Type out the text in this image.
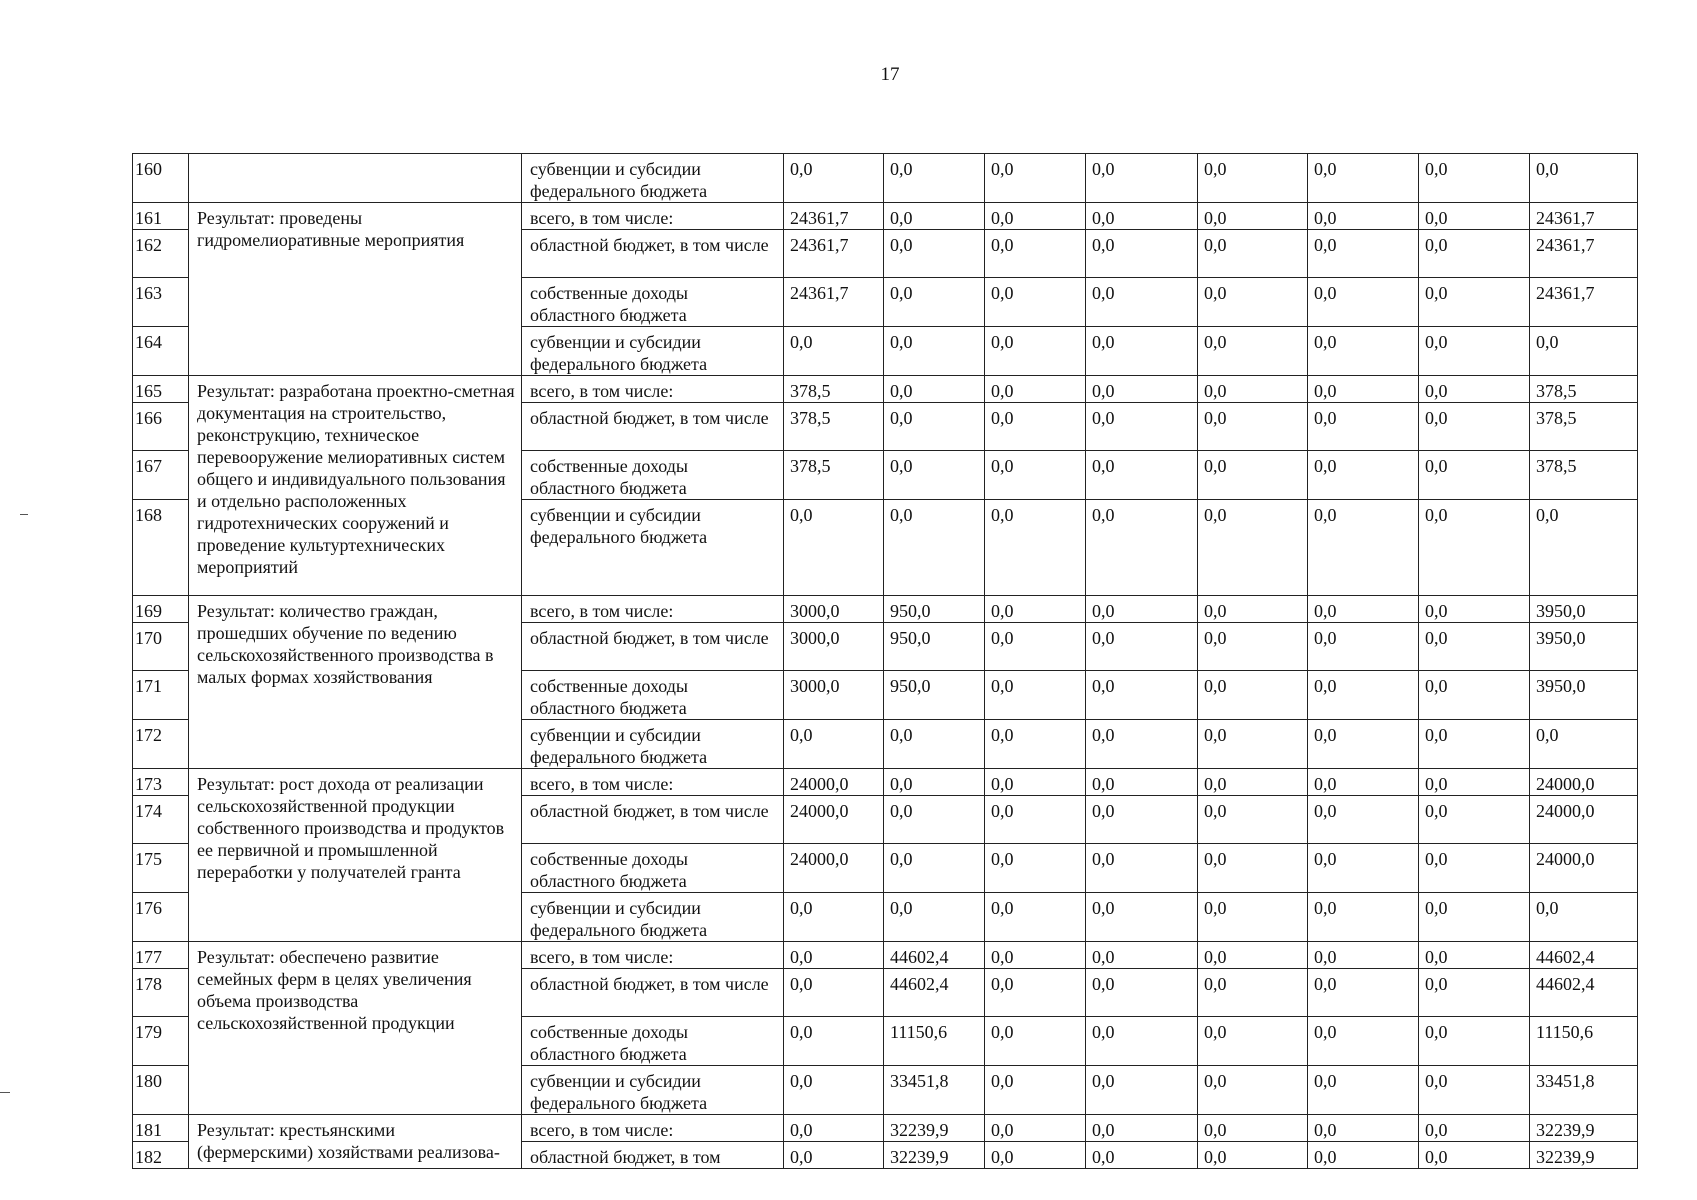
17
160		субвенции и субсидии федерального бюджета	0,0	0,0	0,0	0,0	0,0	0,0	0,0	0,0
161	Результат: проведены гидромелиоративные мероприятия	всего, в том числе:	24361,7	0,0	0,0	0,0	0,0	0,0	0,0	24361,7
162		областной бюджет, в том числе	24361,7	0,0	0,0	0,0	0,0	0,0	0,0	24361,7
163		собственные доходы областного бюджета	24361,7	0,0	0,0	0,0	0,0	0,0	0,0	24361,7
164		субвенции и субсидии федерального бюджета	0,0	0,0	0,0	0,0	0,0	0,0	0,0	0,0
165	Результат: разработана проектно-сметная документация на строительство, реконструкцию, техническое перевооружение мелиоративных систем общего и индивидуального пользования и отдельно расположенных гидротехнических сооружений и проведение культуртехнических мероприятий	всего, в том числе:	378,5	0,0	0,0	0,0	0,0	0,0	0,0	378,5
166		областной бюджет, в том числе	378,5	0,0	0,0	0,0	0,0	0,0	0,0	378,5
167		собственные доходы областного бюджета	378,5	0,0	0,0	0,0	0,0	0,0	0,0	378,5
168		субвенции и субсидии федерального бюджета	0,0	0,0	0,0	0,0	0,0	0,0	0,0	0,0
169	Результат: количество граждан, прошедших обучение по ведению сельскохозяйственного производства в малых формах хозяйствования	всего, в том числе:	3000,0	950,0	0,0	0,0	0,0	0,0	0,0	3950,0
170		областной бюджет, в том числе	3000,0	950,0	0,0	0,0	0,0	0,0	0,0	3950,0
171		собственные доходы областного бюджета	3000,0	950,0	0,0	0,0	0,0	0,0	0,0	3950,0
172		субвенции и субсидии федерального бюджета	0,0	0,0	0,0	0,0	0,0	0,0	0,0	0,0
173	Результат: рост дохода от реализации сельскохозяйственной продукции собственного производства и продуктов ее первичной и промышленной переработки у получателей гранта	всего, в том числе:	24000,0	0,0	0,0	0,0	0,0	0,0	0,0	24000,0
174		областной бюджет, в том числе	24000,0	0,0	0,0	0,0	0,0	0,0	0,0	24000,0
175		собственные доходы областного бюджета	24000,0	0,0	0,0	0,0	0,0	0,0	0,0	24000,0
176		субвенции и субсидии федерального бюджета	0,0	0,0	0,0	0,0	0,0	0,0	0,0	0,0
177	Результат: обеспечено развитие семейных ферм в целях увеличения объема производства сельскохозяйственной продукции	всего, в том числе:	0,0	44602,4	0,0	0,0	0,0	0,0	0,0	44602,4
178		областной бюджет, в том числе	0,0	44602,4	0,0	0,0	0,0	0,0	0,0	44602,4
179		собственные доходы областного бюджета	0,0	11150,6	0,0	0,0	0,0	0,0	0,0	11150,6
180		субвенции и субсидии федерального бюджета	0,0	33451,8	0,0	0,0	0,0	0,0	0,0	33451,8
181	Результат: крестьянскими (фермерскими) хозяйствами реализова-	всего, в том числе:	0,0	32239,9	0,0	0,0	0,0	0,0	0,0	32239,9
182		областной бюджет, в том	0,0	32239,9	0,0	0,0	0,0	0,0	0,0	32239,9
